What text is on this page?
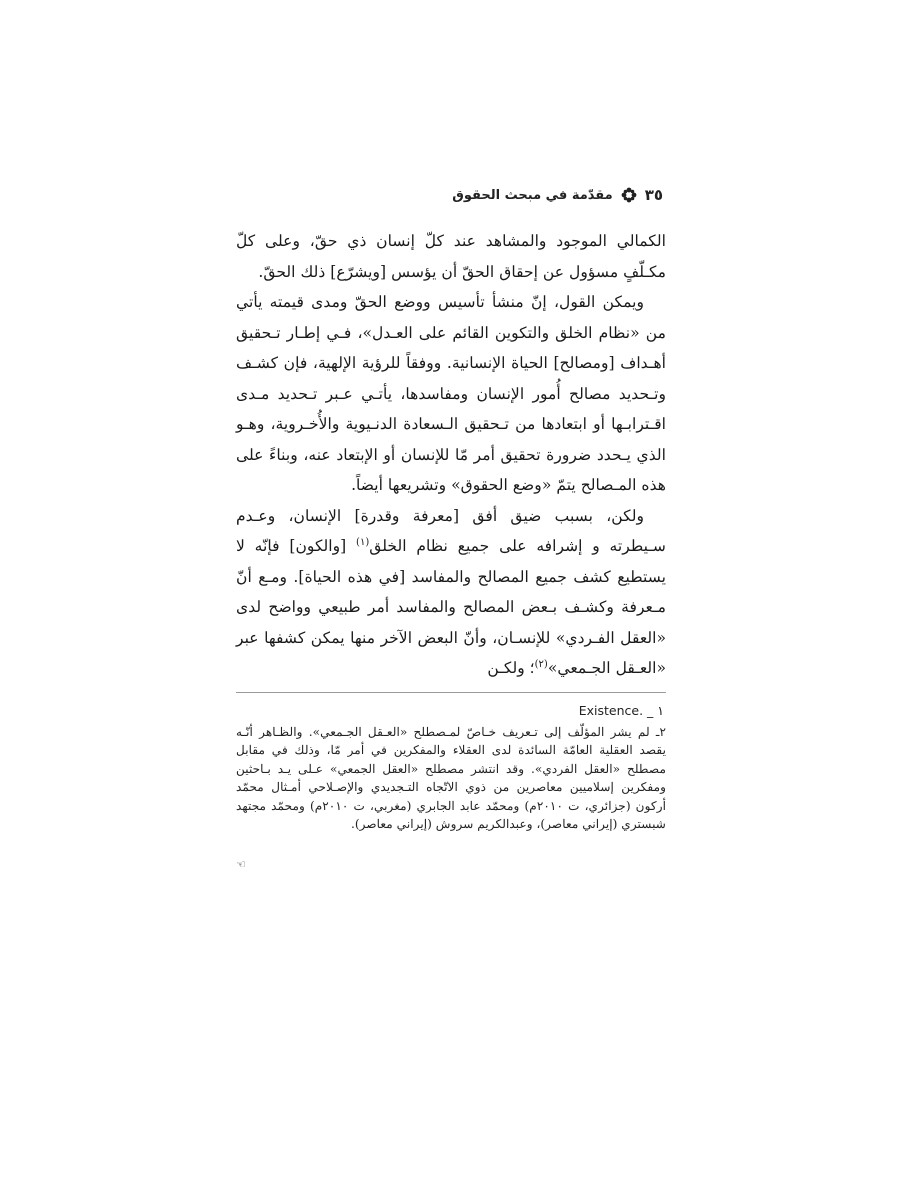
٣٥
مقدّمة في مبحث الحقوق

الكمالي الموجود والمشاهد عند كلّ إنسان ذي حقّ، وعلى كلّ مكـلّفٍ مسؤول عن إحقاق الحقّ أن يؤسس [ويشرّع] ذلك الحقّ.

ويمكن القول، إنّ منشأ تأسيس ووضع الحقّ ومدى قيمته يأتي من «نظام الخلق والتكوين القائم على العـدل»، فـي إطـار تـحقيق أهـداف [ومصالح] الحياة الإنسانية. ووفقاً للرؤية الإلهية، فإن كشـف وتـحديد مصالح أُمور الإنسان ومفاسدها، يأتـي عـبر تـحديد مـدى اقـترابـها أو ابتعادها من تـحقيق الـسعادة الدنـيوية والأُخـروية، وهـو الذي يـحدد ضرورة تحقيق أمر مّا للإنسان أو الإبتعاد عنه، وبناءً على هذه المـصالح يتمّ «وضع الحقوق» وتشريعها أيضاً.

ولكن، بسبب ضيق أفق [معرفة وقدرة] الإنسان، وعـدم سـيطرته و إشرافه على جميع نظام الخلق$^{(١)}$ [والكون] فإنّه لا يستطيع كشف جميع المصالح والمفاسد [في هذه الحياة]. ومـع أنّ مـعرفة وكشـف بـعض المصالح والمفاسد أمر طبيعي وواضح لدى «العقل الفـردي» للإنسـان، وأنّ البعض الآخر منها يمكن كشفها عبر «العـقل الجـمعي»$^{(٢)}$؛ ولكـن

١ _ Existence.

٢ـ لم يشر المؤلّف إلى تـعريف خـاصّ لمـصطلح «العـقل الجـمعي». والظـاهر أنّـه يقصد العقلية العامّة السائدة لدى العقلاء والمفكرين في أمر مّا، وذلك في مقابل مصطلح «العقل الفردي». وقد انتشر مصطلح «العقل الجمعي» عـلى يـد بـاحثين ومفكرين إسلاميين معاصرين من ذوي الاتّجاه التـجديدي والإصـلاحي أمـثال محمّد أركون (جزائري، ت ٢٠١٠م) ومحمّد عابد الجابري (مغربي، ت ٢٠١٠م) ومحمّد مجتهد شبستري (إيراني معاصر)، وعبدالكريم سروش (إيراني معاصر).

☜
